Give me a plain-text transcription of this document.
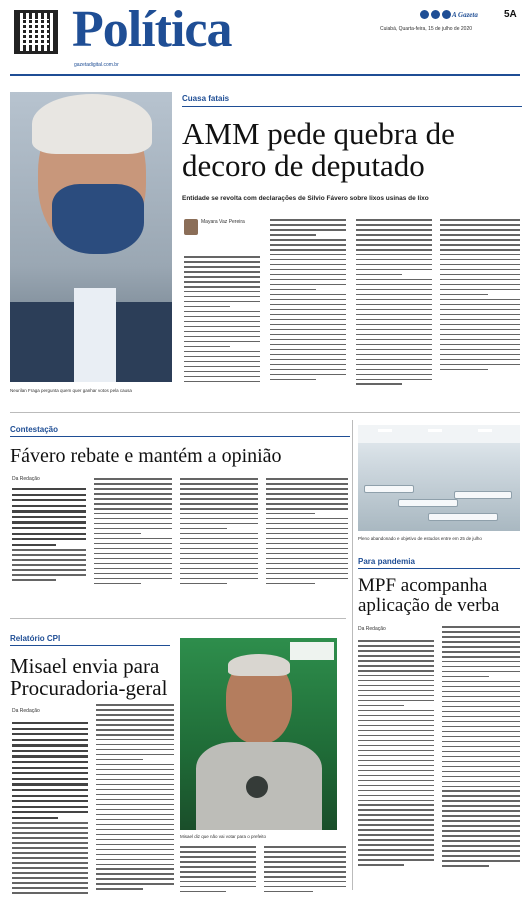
Política
gazetadigital.com.br
A Gazeta	5A
Cuiabá, Quarta-feira, 15 de julho de 2020
Neurilan Fraga pergunta quem quer ganhar votos pela causa
Cuasa fatais
AMM pede quebra de
decoro de deputado
Entidade se revolta com declarações de Silvio Fávero sobre lixos usinas de lixo
Mayara Vaz Pereira
Contestação
Fávero rebate e mantém a opinião
Da Redação
Pleno abandonado e objetivo de estudos entre em 25 de julho
Para pandemia
MPF acompanha
aplicação de verba
Da Redação
Relatório CPI
Misael envia para
Procuradoria-geral
Da Redação
Misael diz que não vai votar para o prefeito
